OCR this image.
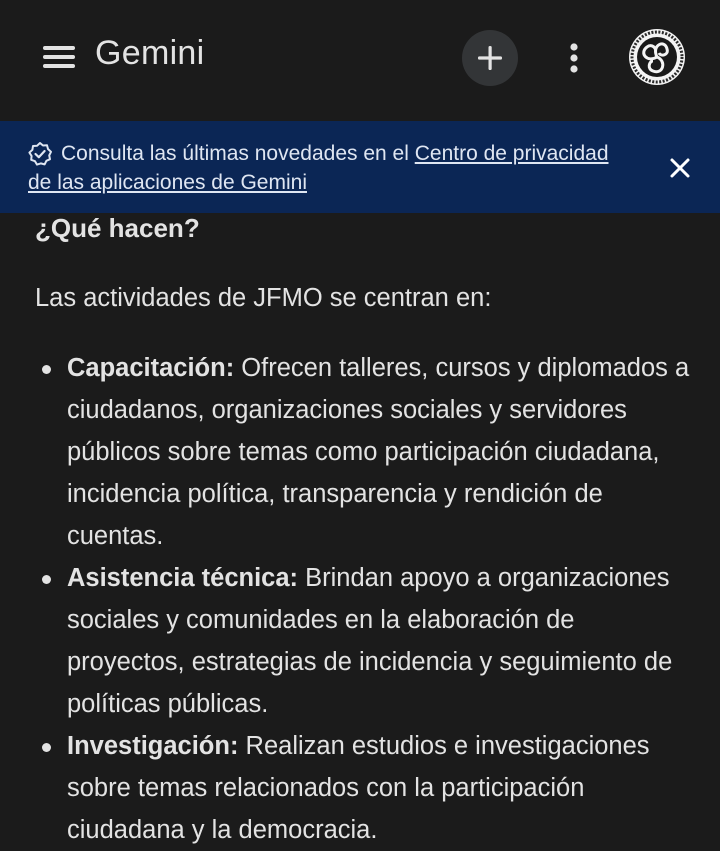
Gemini
Consulta las últimas novedades en el Centro de privacidad de las aplicaciones de Gemini
¿Qué hacen?
Las actividades de JFMO se centran en:
Capacitación: Ofrecen talleres, cursos y diplomados a ciudadanos, organizaciones sociales y servidores públicos sobre temas como participación ciudadana, incidencia política, transparencia y rendición de cuentas.
Asistencia técnica: Brindan apoyo a organizaciones sociales y comunidades en la elaboración de proyectos, estrategias de incidencia y seguimiento de políticas públicas.
Investigación: Realizan estudios e investigaciones sobre temas relacionados con la participación ciudadana y la democracia.
